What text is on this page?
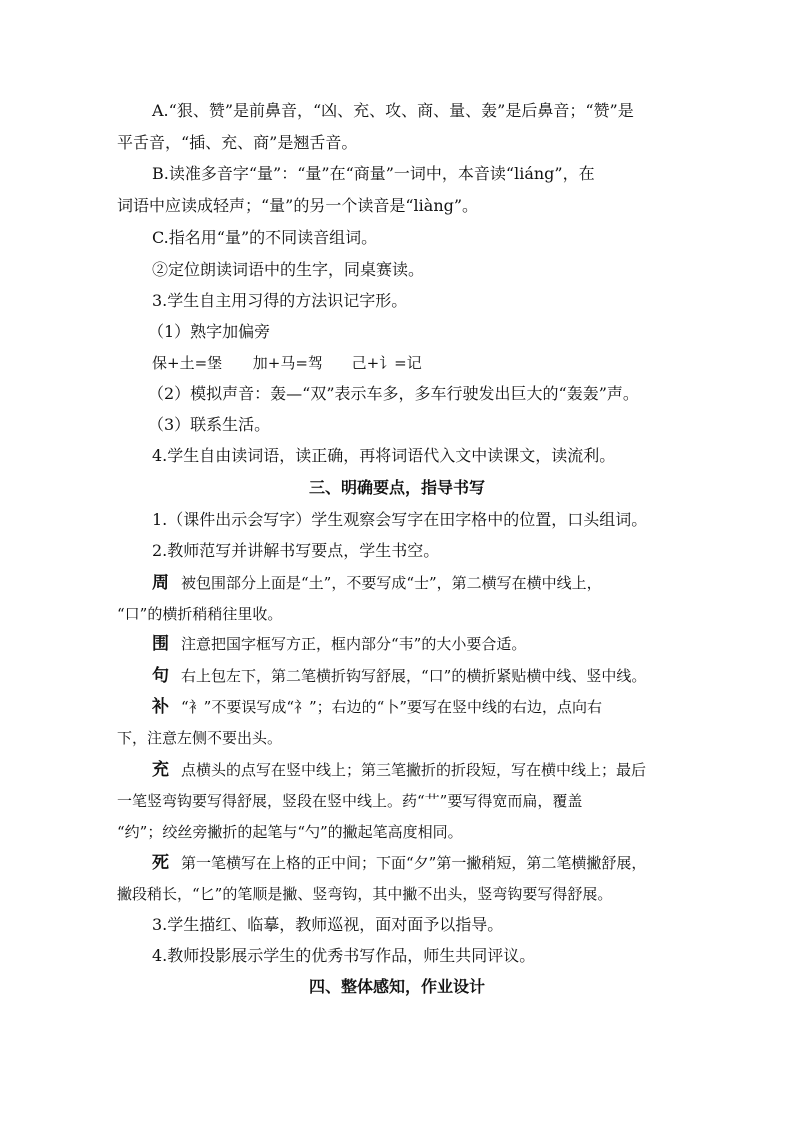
A.“狠、赞”是前鼻音，“凶、充、攻、商、量、轰”是后鼻音；“赞”是
平舌音，“插、充、商”是翘舌音。
B.读准多音字“量”：“量”在“商量”一词中，本音读“liáng”，在
词语中应读成轻声；“量”的另一个读音是“liàng”。
C.指名用“量”的不同读音组词。
②定位朗读词语中的生字，同桌赛读。
3.学生自主用习得的方法识记字形。
（1）熟字加偏旁
保+土=堡 加+马=驾 己+讠=记
（2）模拟声音：轰—“双”表示车多，多车行驶发出巨大的“轰轰”声。
（3）联系生活。
4.学生自由读词语，读正确，再将词语代入文中读课文，读流利。
三、明确要点，指导书写
1.（课件出示会写字）学生观察会写字在田字格中的位置，口头组词。
2.教师范写并讲解书写要点，学生书空。
周 被包围部分上面是“土”，不要写成“士”，第二横写在横中线上，
“口”的横折稍稍往里收。
围 注意把国字框写方正，框内部分“韦”的大小要合适。
句 右上包左下，第二笔横折钩写舒展，“口”的横折紧贴横中线、竖中线。
补 “衤”不要误写成“礻”；右边的“卜”要写在竖中线的右边，点向右
下，注意左侧不要出头。
充 点横头的点写在竖中线上；第三笔撇折的折段短，写在横中线上；最后
一笔竖弯钩要写得舒展，竖段在竖中线上。药“艹”要写得宽而扁，覆盖
“约”；绞丝旁撇折的起笔与“勺”的撇起笔高度相同。
死 第一笔横写在上格的正中间；下面“夕”第一撇稍短，第二笔横撇舒展，
撇段稍长，“匕”的笔顺是撇、竖弯钩，其中撇不出头，竖弯钩要写得舒展。
3.学生描红、临摹，教师巡视，面对面予以指导。
4.教师投影展示学生的优秀书写作品，师生共同评议。
四、整体感知，作业设计
